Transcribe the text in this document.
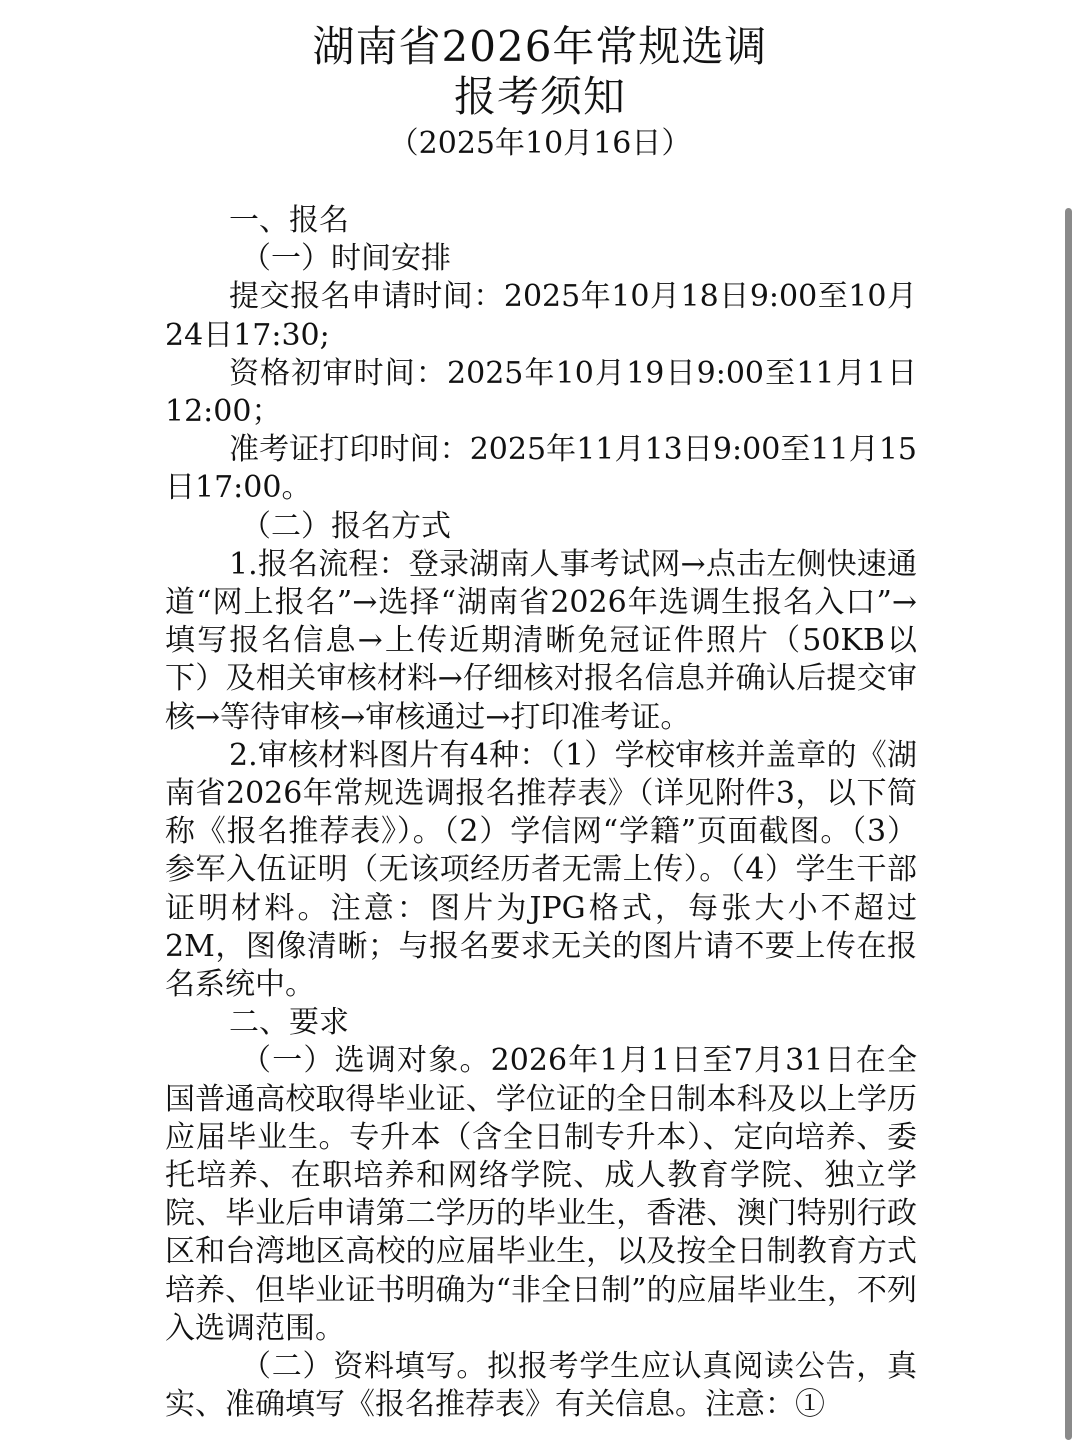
湖南省2026年常规选调
报考须知
（2025年10月16日）

一、报名

（一）时间安排

提交报名申请时间：2025年10月18日9:00至10月24日17:30;

资格初审时间：2025年10月19日9:00至11月1日12:00；

准考证打印时间：2025年11月13日9:00至11月15日17:00。

（二）报名方式

1.报名流程：登录湖南人事考试网→点击左侧快速通道“网上报名”→选择“湖南省2026年选调生报名入口”→填写报名信息→上传近期清晰免冠证件照片（50KB以下）及相关审核材料→仔细核对报名信息并确认后提交审核→等待审核→审核通过→打印准考证。

2.审核材料图片有4种：（1）学校审核并盖章的《湖南省2026年常规选调报名推荐表》（详见附件3，以下简称《报名推荐表》）。（2）学信网“学籍”页面截图。（3）参军入伍证明（无该项经历者无需上传）。（4）学生干部证明材料。注意：图片为JPG格式，每张大小不超过2M，图像清晰；与报名要求无关的图片请不要上传在报名系统中。

二、要求

（一）选调对象。2026年1月1日至7月31日在全国普通高校取得毕业证、学位证的全日制本科及以上学历应届毕业生。专升本（含全日制专升本）、定向培养、委托培养、在职培养和网络学院、成人教育学院、独立学院、毕业后申请第二学历的毕业生，香港、澳门特别行政区和台湾地区高校的应届毕业生，以及按全日制教育方式培养、但毕业证书明确为“非全日制”的应届毕业生，不列入选调范围。

（二）资料填写。拟报考学生应认真阅读公告，真实、准确填写《报名推荐表》有关信息。注意：①
